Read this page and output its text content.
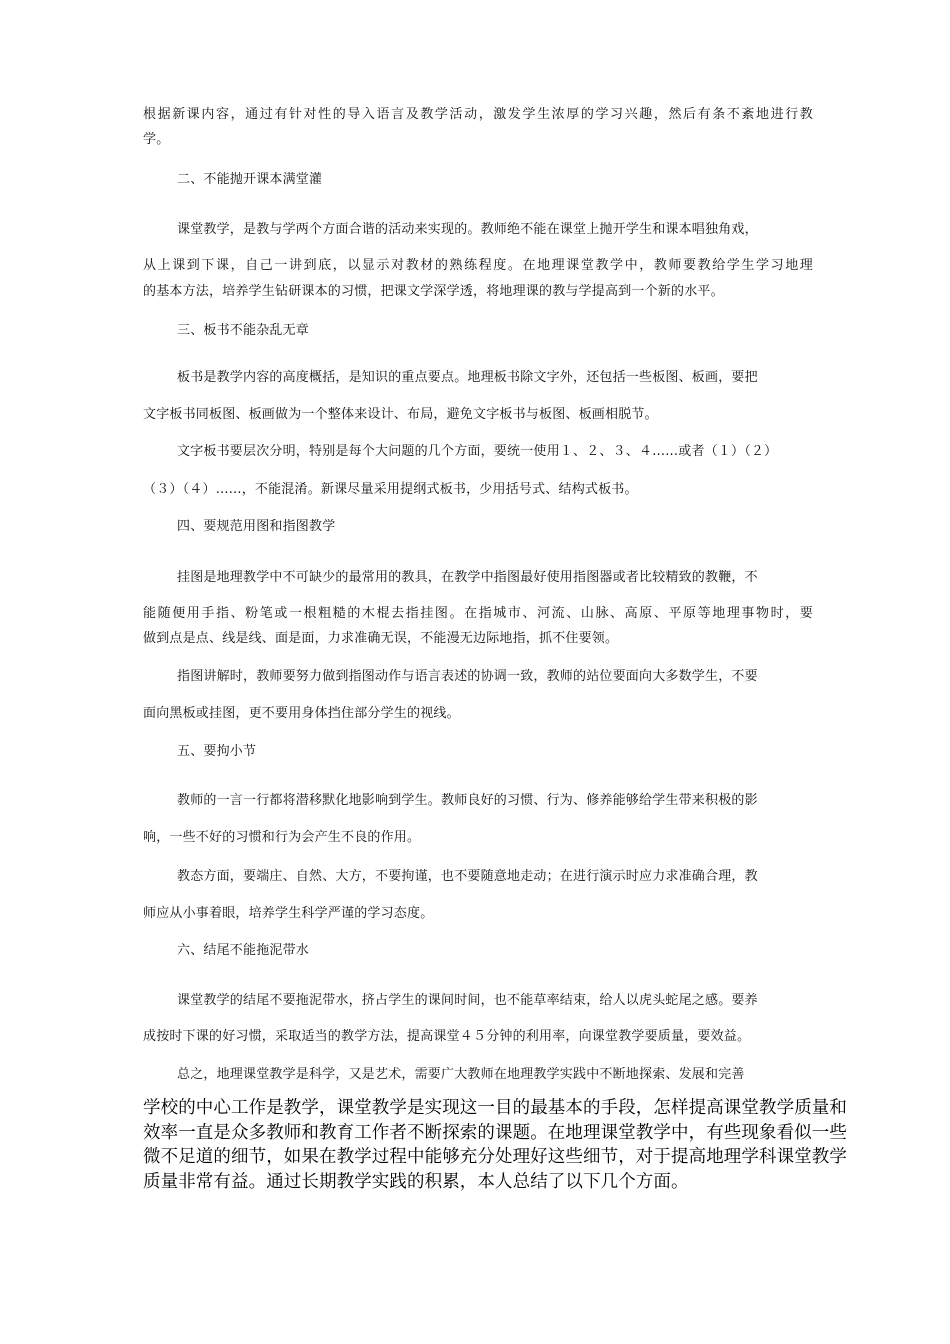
根据新课内容，通过有针对性的导入语言及教学活动，激发学生浓厚的学习兴趣，然后有条不紊地进行教
学。
二、不能抛开课本满堂灌
课堂教学，是教与学两个方面合谐的活动来实现的。教师绝不能在课堂上抛开学生和课本唱独角戏，
从上课到下课，自己一讲到底，以显示对教材的熟练程度。在地理课堂教学中，教师要教给学生学习地理
的基本方法，培养学生钻研课本的习惯，把课文学深学透，将地理课的教与学提高到一个新的水平。
三、板书不能杂乱无章
板书是教学内容的高度概括，是知识的重点要点。地理板书除文字外，还包括一些板图、板画，要把
文字板书同板图、板画做为一个整体来设计、布局，避免文字板书与板图、板画相脱节。
文字板书要层次分明，特别是每个大问题的几个方面，要统一使用１、２、３、４......或者（１）（２）
（３）（４）......，不能混淆。新课尽量采用提纲式板书，少用括号式、结构式板书。
四、要规范用图和指图教学
挂图是地理教学中不可缺少的最常用的教具，在教学中指图最好使用指图器或者比较精致的教鞭，不
能随便用手指、粉笔或一根粗糙的木棍去指挂图。在指城市、河流、山脉、高原、平原等地理事物时，要
做到点是点、线是线、面是面，力求准确无误，不能漫无边际地指，抓不住要领。
指图讲解时，教师要努力做到指图动作与语言表述的协调一致，教师的站位要面向大多数学生，不要
面向黑板或挂图，更不要用身体挡住部分学生的视线。
五、要拘小节
教师的一言一行都将潜移默化地影响到学生。教师良好的习惯、行为、修养能够给学生带来积极的影
响，一些不好的习惯和行为会产生不良的作用。
教态方面，要端庄、自然、大方，不要拘谨，也不要随意地走动；在进行演示时应力求准确合理，教
师应从小事着眼，培养学生科学严谨的学习态度。
六、结尾不能拖泥带水
课堂教学的结尾不要拖泥带水，挤占学生的课间时间，也不能草率结束，给人以虎头蛇尾之感。要养
成按时下课的好习惯，采取适当的教学方法，提高课堂４５分钟的利用率，向课堂教学要质量，要效益。
总之，地理课堂教学是科学，又是艺术，需要广大教师在地理教学实践中不断地探索、发展和完善
学校的中心工作是教学，课堂教学是实现这一目的最基本的手段，怎样提高课堂教学质量和
效率一直是众多教师和教育工作者不断探索的课题。在地理课堂教学中，有些现象看似一些
微不足道的细节，如果在教学过程中能够充分处理好这些细节，对于提高地理学科课堂教学
质量非常有益。通过长期教学实践的积累，本人总结了以下几个方面。
